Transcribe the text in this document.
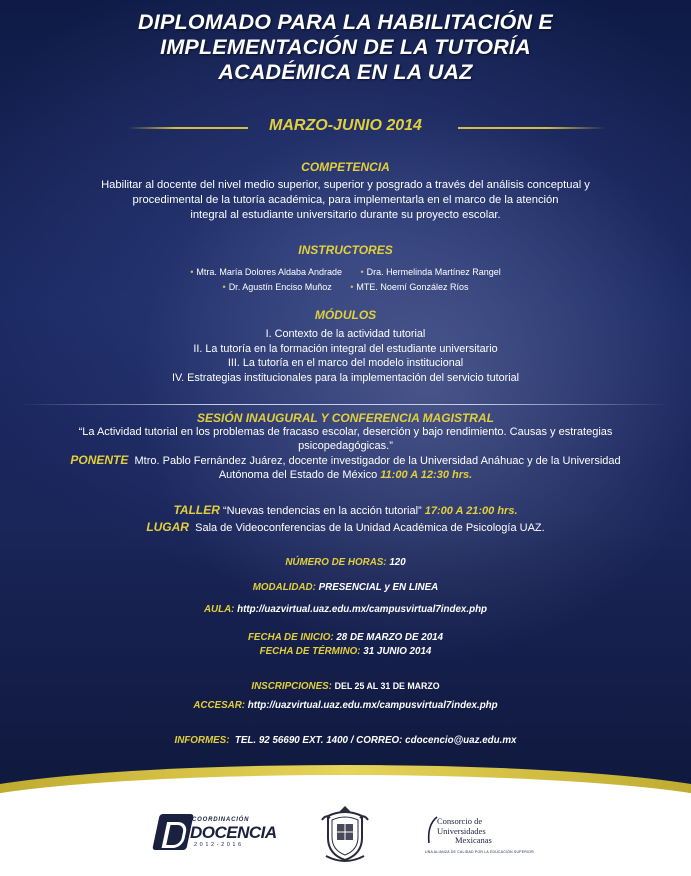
DIPLOMADO PARA LA HABILITACIÓN E
IMPLEMENTACIÓN DE LA TUTORÍA
ACADÉMICA EN LA UAZ
MARZO-JUNIO 2014
COMPETENCIA
Habilitar al docente del nivel medio superior, superior y posgrado a través del análisis conceptual y
procedimental de la tutoría académica, para implementarla en el marco de la atención
integral al estudiante universitario durante su proyecto escolar.
INSTRUCTORES
• Mtra. María Dolores Aldaba Andrade • Dra. Hermelinda Martínez Rangel
• Dr. Agustín Enciso Muñoz • MTE. Noemí González Ríos
MÓDULOS
I. Contexto de la actividad tutorial
II. La tutoría en la formación integral del estudiante universitario
III. La tutoría en el marco del modelo institucional
IV. Estrategias institucionales para la implementación del servicio tutorial
SESIÓN INAUGURAL Y CONFERENCIA MAGISTRAL
“La Actividad tutorial en los problemas de fracaso escolar, deserción y bajo rendimiento. Causas y estrategias
psicopedagógicas.”
PONENTE Mtro. Pablo Fernández Juárez, docente investigador de la Universidad Anáhuac y de la Universidad
Autónoma del Estado de México 11:00 A 12:30 hrs.
TALLER “Nuevas tendencias en la acción tutorial” 17:00 A 21:00 hrs.
LUGAR Sala de Videoconferencias de la Unidad Académica de Psicología UAZ.
NÚMERO DE HORAS: 120
MODALIDAD: PRESENCIAL y EN LINEA
AULA: http://uazvirtual.uaz.edu.mx/campusvirtual7index.php
FECHA DE INICIO: 28 DE MARZO DE 2014
FECHA DE TÉRMINO: 31 JUNIO 2014
INSCRIPCIONES: DEL 25 AL 31 DE MARZO
ACCESAR: http://uazvirtual.uaz.edu.mx/campusvirtual7index.php
INFORMES: TEL. 92 56690 EXT. 1400 / CORREO: cdocencio@uaz.edu.mx
COORDINACIÓN
DOCENCIA
2012-2016
Consorcio de
Universidades
Mexicanas
UNA ALIANZA DE CALIDAD POR LA EDUCACIÓN SUPERIOR
